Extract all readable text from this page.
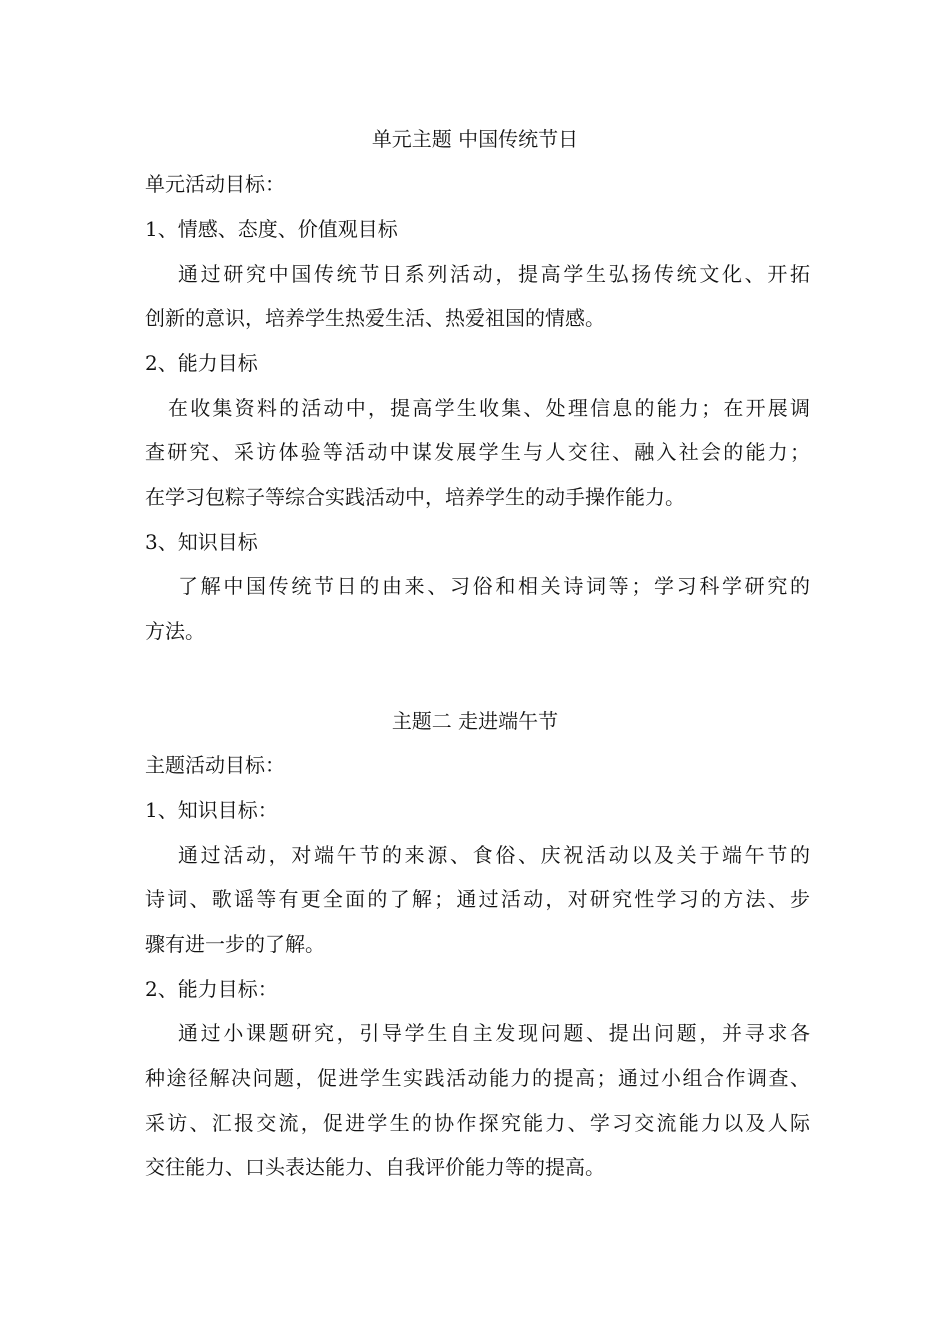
单元主题 中国传统节日
单元活动目标：
1、情感、态度、价值观目标
通过研究中国传统节日系列活动，提高学生弘扬传统文化、开拓
创新的意识，培养学生热爱生活、热爱祖国的情感。
2、能力目标
在收集资料的活动中，提高学生收集、处理信息的能力；在开展调
查研究、采访体验等活动中谋发展学生与人交往、融入社会的能力；
在学习包粽子等综合实践活动中，培养学生的动手操作能力。
3、知识目标
了解中国传统节日的由来、习俗和相关诗词等；学习科学研究的
方法。
主题二 走进端午节
主题活动目标：
1、知识目标：
通过活动，对端午节的来源、食俗、庆祝活动以及关于端午节的
诗词、歌谣等有更全面的了解；通过活动，对研究性学习的方法、步
骤有进一步的了解。
2、能力目标：
通过小课题研究，引导学生自主发现问题、提出问题，并寻求各
种途径解决问题，促进学生实践活动能力的提高；通过小组合作调查、
采访、汇报交流，促进学生的协作探究能力、学习交流能力以及人际
交往能力、口头表达能力、自我评价能力等的提高。
